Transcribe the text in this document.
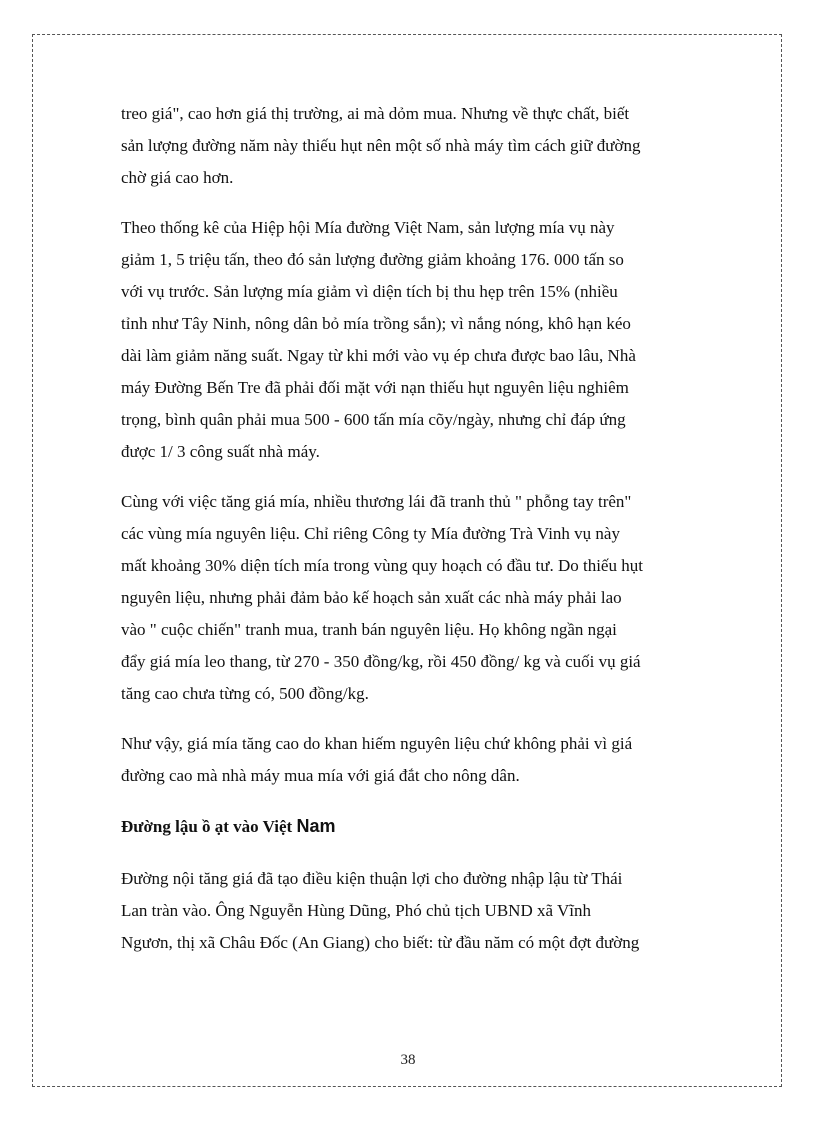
treo giá", cao hơn giá thị trường, ai mà dỏm mua. Nhưng về thực chất, biết
sản lượng đường năm này thiếu hụt nên một số nhà máy tìm cách giữ đường
chờ giá cao hơn.

Theo thống kê của Hiệp hội Mía đường Việt Nam, sản lượng mía vụ này
giảm 1, 5 triệu tấn, theo đó sản lượng đường giảm khoảng 176. 000 tấn so
với vụ trước. Sản lượng mía giảm vì diện tích bị thu hẹp trên 15% (nhiều
tỉnh như Tây Ninh, nông dân bỏ mía trồng sắn); vì nắng nóng, khô hạn kéo
dài làm giảm năng suất. Ngay từ khi mới vào vụ ép chưa được bao lâu, Nhà
máy Đường Bến Tre đã phải đối mặt với nạn thiếu hụt nguyên liệu nghiêm
trọng, bình quân phải mua 500 - 600 tấn mía cõy/ngày, nhưng chỉ đáp ứng
được 1/ 3 công suất nhà máy.

Cùng với việc tăng giá mía, nhiều thương lái đã tranh thủ " phỗng tay trên"
các vùng mía nguyên liệu. Chỉ riêng Công ty Mía đường Trà Vinh vụ này
mất khoảng 30% diện tích mía trong vùng quy hoạch có đầu tư. Do thiếu hụt
nguyên liệu, nhưng phải đảm bảo kế hoạch sản xuất các nhà máy phải lao
vào " cuộc chiến" tranh mua, tranh bán nguyên liệu. Họ không ngần ngại
đẩy giá mía leo thang, từ 270 - 350 đồng/kg, rồi 450 đồng/ kg và cuối vụ giá
tăng cao chưa từng có, 500 đồng/kg.

Như vậy, giá mía tăng cao do khan hiếm nguyên liệu chứ không phải vì giá
đường cao mà nhà máy mua mía với giá đắt cho nông dân.

Đường lậu ồ ạt vào Việt Nam

Đường nội tăng giá đã tạo điều kiện thuận lợi cho đường nhập lậu từ Thái
Lan tràn vào. Ông Nguyễn Hùng Dũng, Phó chủ tịch UBND xã Vĩnh
Ngươn, thị xã Châu Đốc (An Giang) cho biết: từ đầu năm có một đợt đường

38
